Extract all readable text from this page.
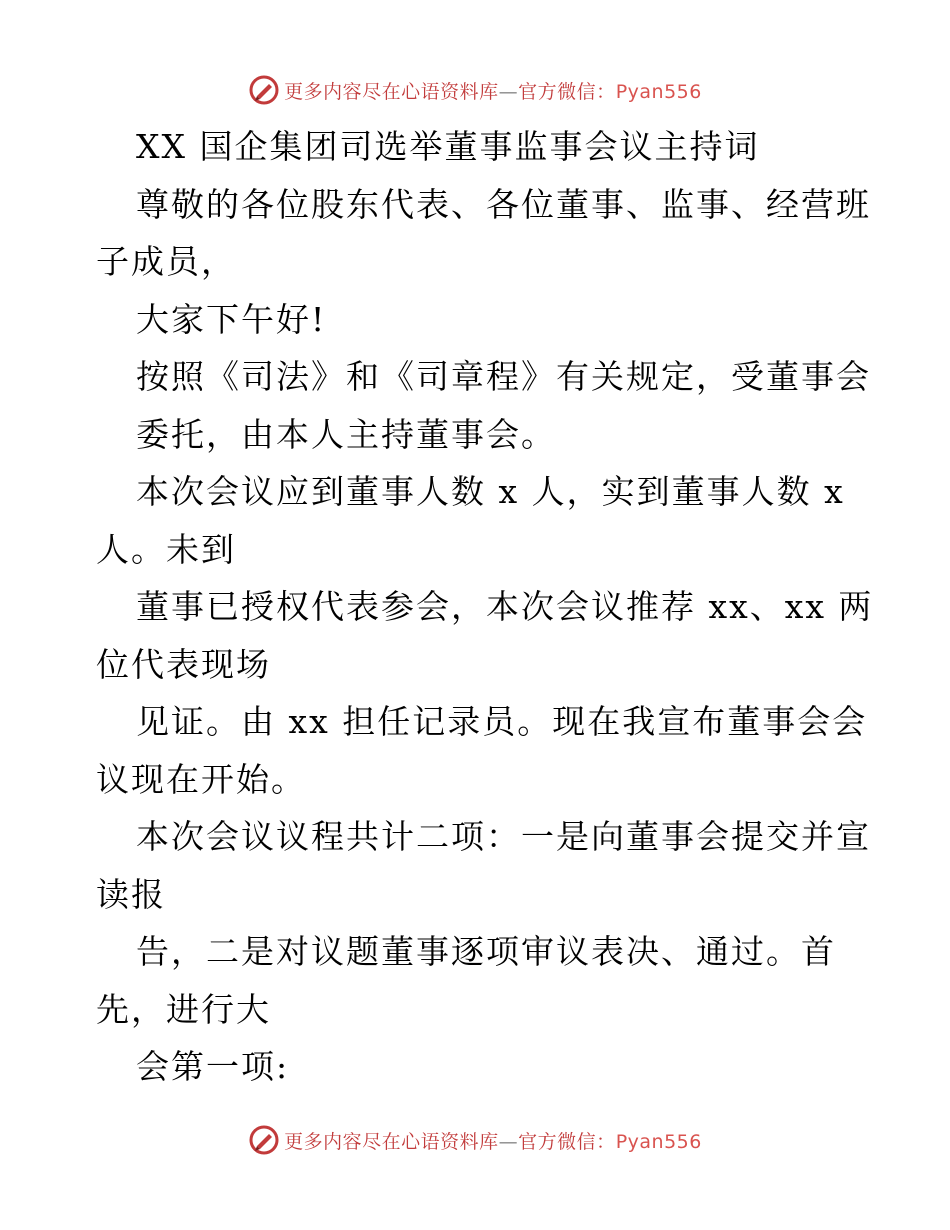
更多内容尽在心语资料库—官方微信：Pyan556
XX 国企集团司选举董事监事会议主持词
尊敬的各位股东代表、各位董事、监事、经营班
子成员，
大家下午好!
按照《司法》和《司章程》有关规定，受董事会
委托，由本人主持董事会。
本次会议应到董事人数 x 人，实到董事人数 x
人。未到
董事已授权代表参会，本次会议推荐 xx、xx 两
位代表现场
见证。由 xx 担任记录员。现在我宣布董事会会
议现在开始。
本次会议议程共计二项：一是向董事会提交并宣
读报
告，二是对议题董事逐项审议表决、通过。首
先，进行大
会第一项:
更多内容尽在心语资料库—官方微信：Pyan556
